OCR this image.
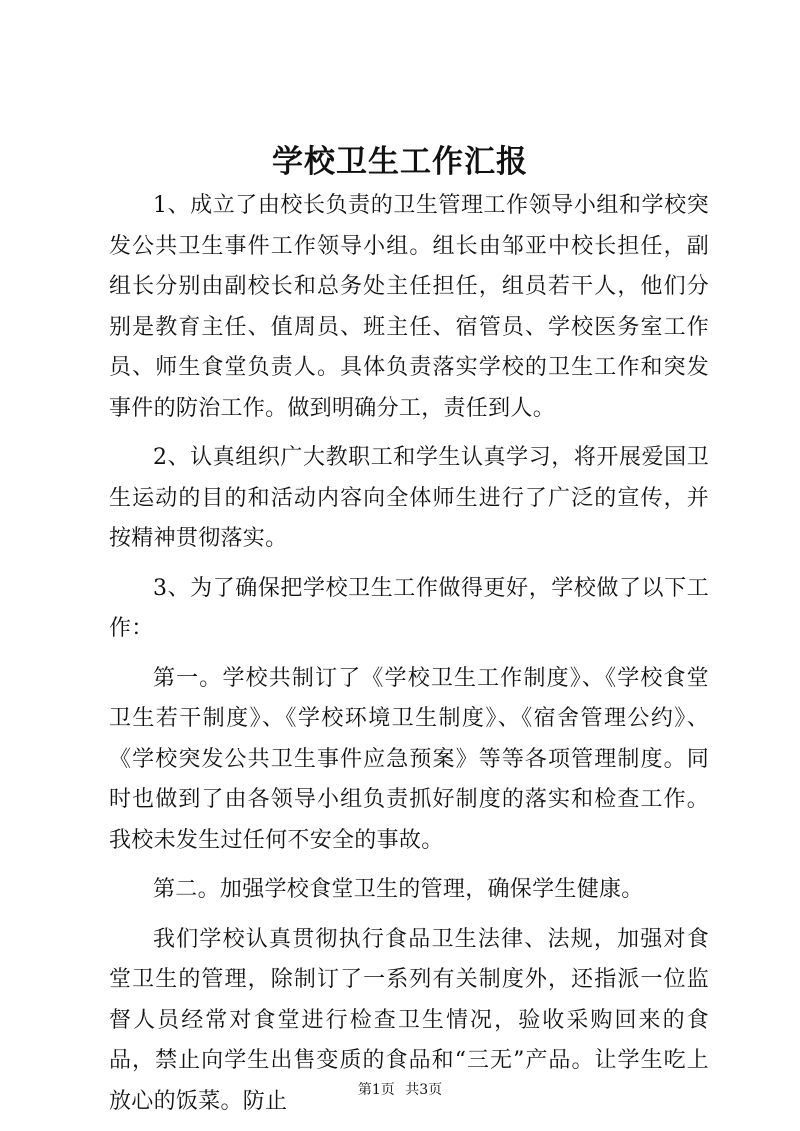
学校卫生工作汇报

1、成立了由校长负责的卫生管理工作领导小组和学校突发公共卫生事件工作领导小组。组长由邹亚中校长担任，副组长分别由副校长和总务处主任担任，组员若干人，他们分别是教育主任、值周员、班主任、宿管员、学校医务室工作员、师生食堂负责人。具体负责落实学校的卫生工作和突发事件的防治工作。做到明确分工，责任到人。

2、认真组织广大教职工和学生认真学习，将开展爱国卫生运动的目的和活动内容向全体师生进行了广泛的宣传，并按精神贯彻落实。

3、为了确保把学校卫生工作做得更好，学校做了以下工作：

第一。学校共制订了《学校卫生工作制度》、《学校食堂卫生若干制度》、《学校环境卫生制度》、《宿舍管理公约》、《学校突发公共卫生事件应急预案》等等各项管理制度。同时也做到了由各领导小组负责抓好制度的落实和检查工作。我校未发生过任何不安全的事故。

第二。加强学校食堂卫生的管理，确保学生健康。

我们学校认真贯彻执行食品卫生法律、法规，加强对食堂卫生的管理，除制订了一系列有关制度外，还指派一位监督人员经常对食堂进行检查卫生情况，验收采购回来的食品，禁止向学生出售变质的食品和“三无”产品。让学生吃上放心的饭菜。防止	第1页 共3页
